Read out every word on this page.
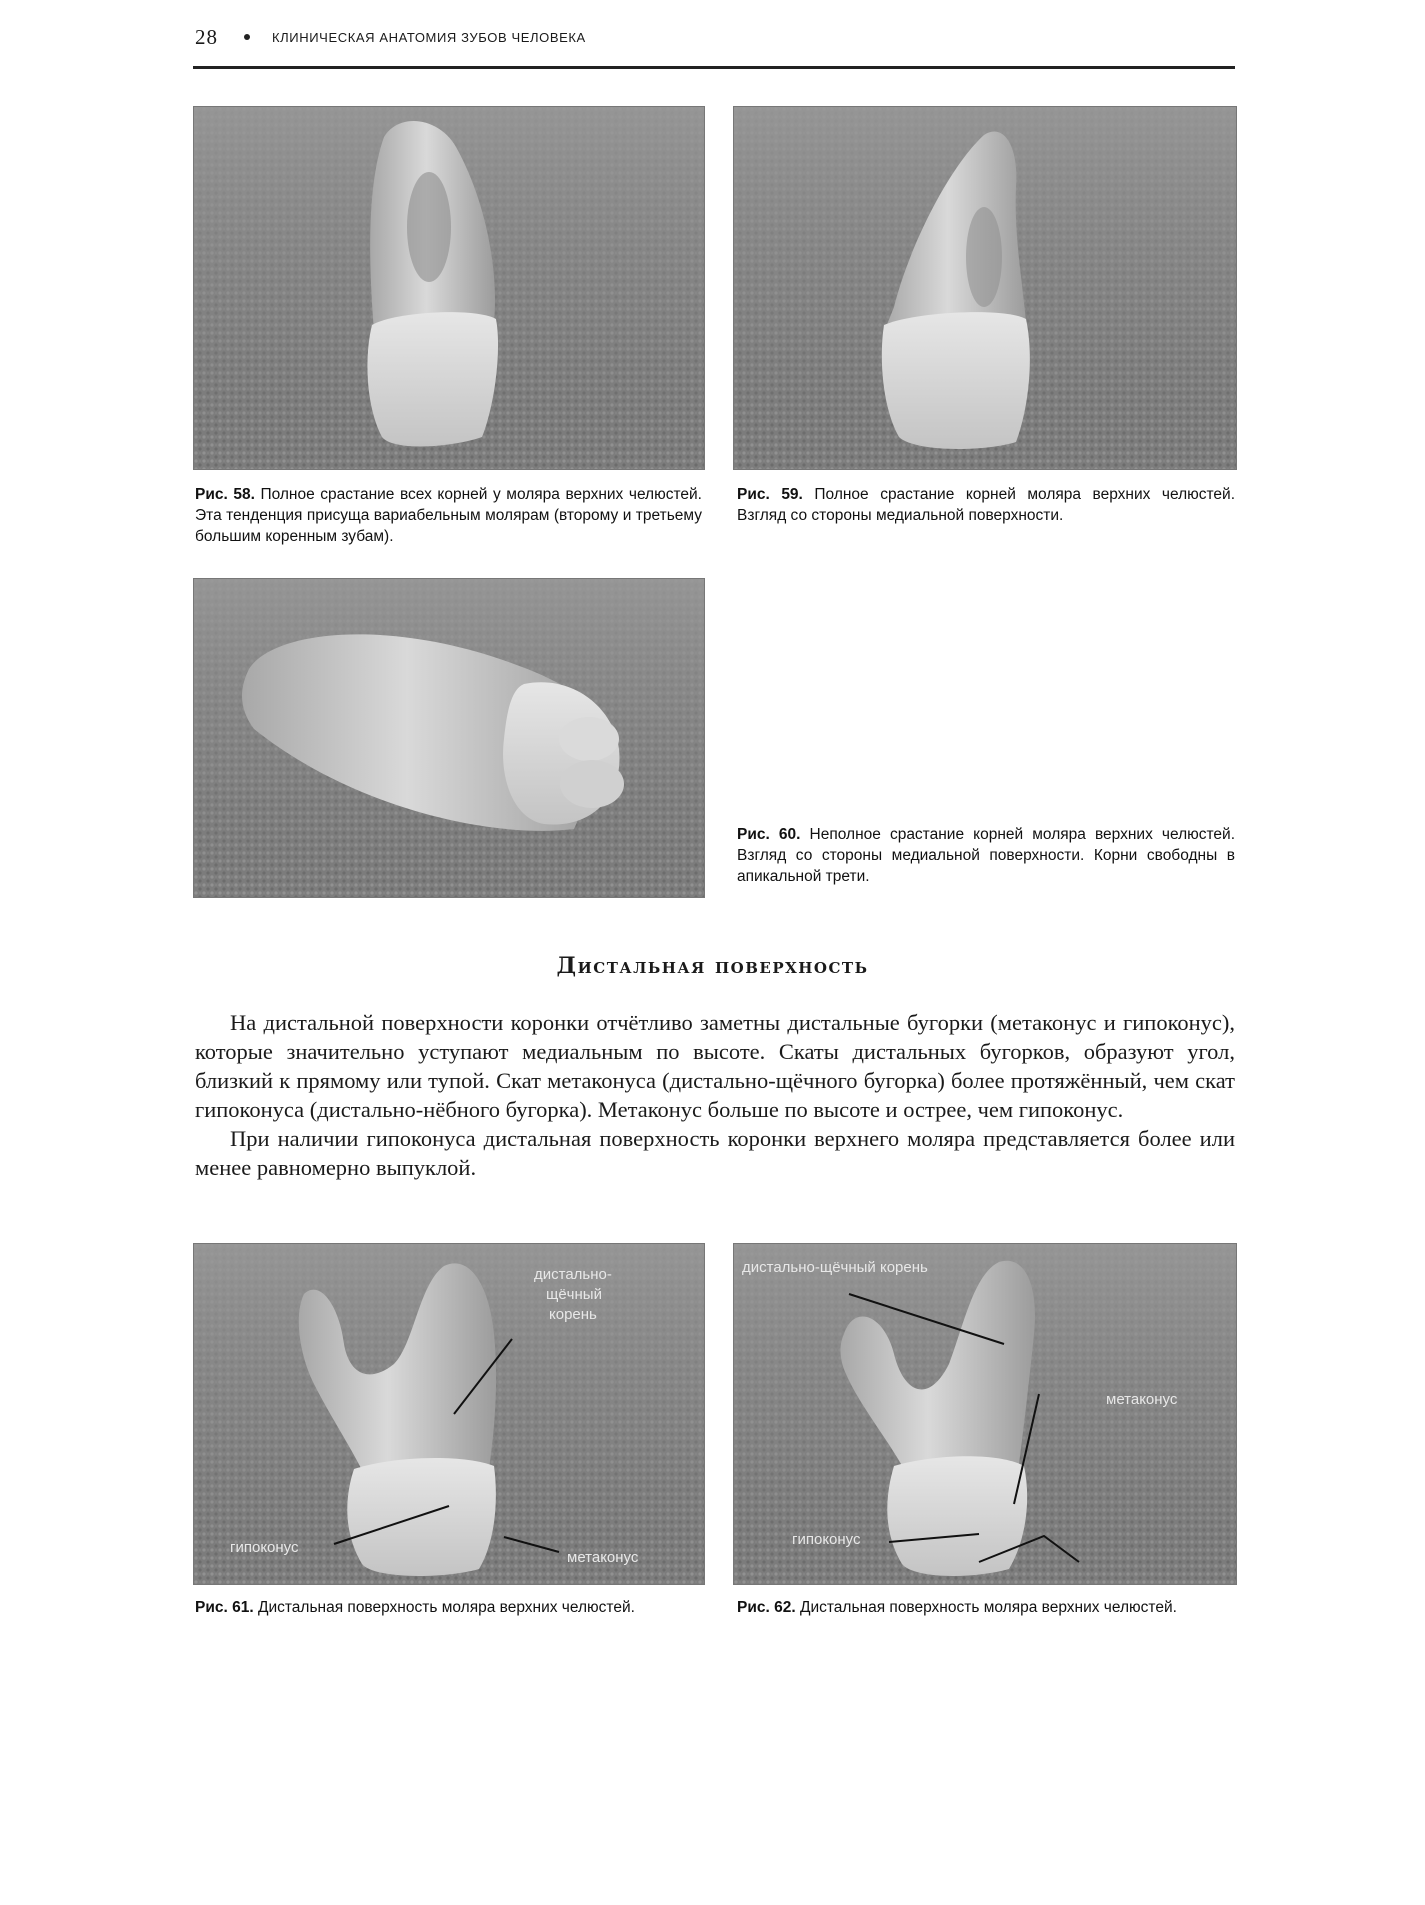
28	КЛИНИЧЕСКАЯ АНАТОМИЯ ЗУБОВ ЧЕЛОВЕКА

Рис. 58. Полное срастание всех корней у моляра верхних челюстей. Эта тенденция присуща вариабельным молярам (второму и третьему большим коренным зубам).

Рис. 59. Полное срастание корней моляра верхних челюстей. Взгляд со стороны медиальной поверхности.

Рис. 60. Неполное срастание корней моляра верхних челюстей. Взгляд со стороны медиальной поверхности. Корни свободны в апикальной трети.

Дистальная поверхность

На дистальной поверхности коронки отчётливо заметны дистальные бугорки (метаконус и гипоконус), которые значительно уступают медиальным по высоте. Скаты дистальных бугорков, образуют угол, близкий к прямому или тупой. Скат метаконуса (дистально-щёчного бугорка) более протяжённый, чем скат гипоконуса (дистально-нёбного бугорка). Метаконус больше по высоте и острее, чем гипоконус.

При наличии гипоконуса дистальная поверхность коронки верхнего моляра представляется более или менее равномерно выпуклой.

дистально-
щёчный
корень
гипоконус
метаконус
дистально-щёчный корень
метаконус
гипоконус

Рис. 61. Дистальная поверхность моляра верхних челюстей.	Рис. 62. Дистальная поверхность моляра верхних челюстей.
